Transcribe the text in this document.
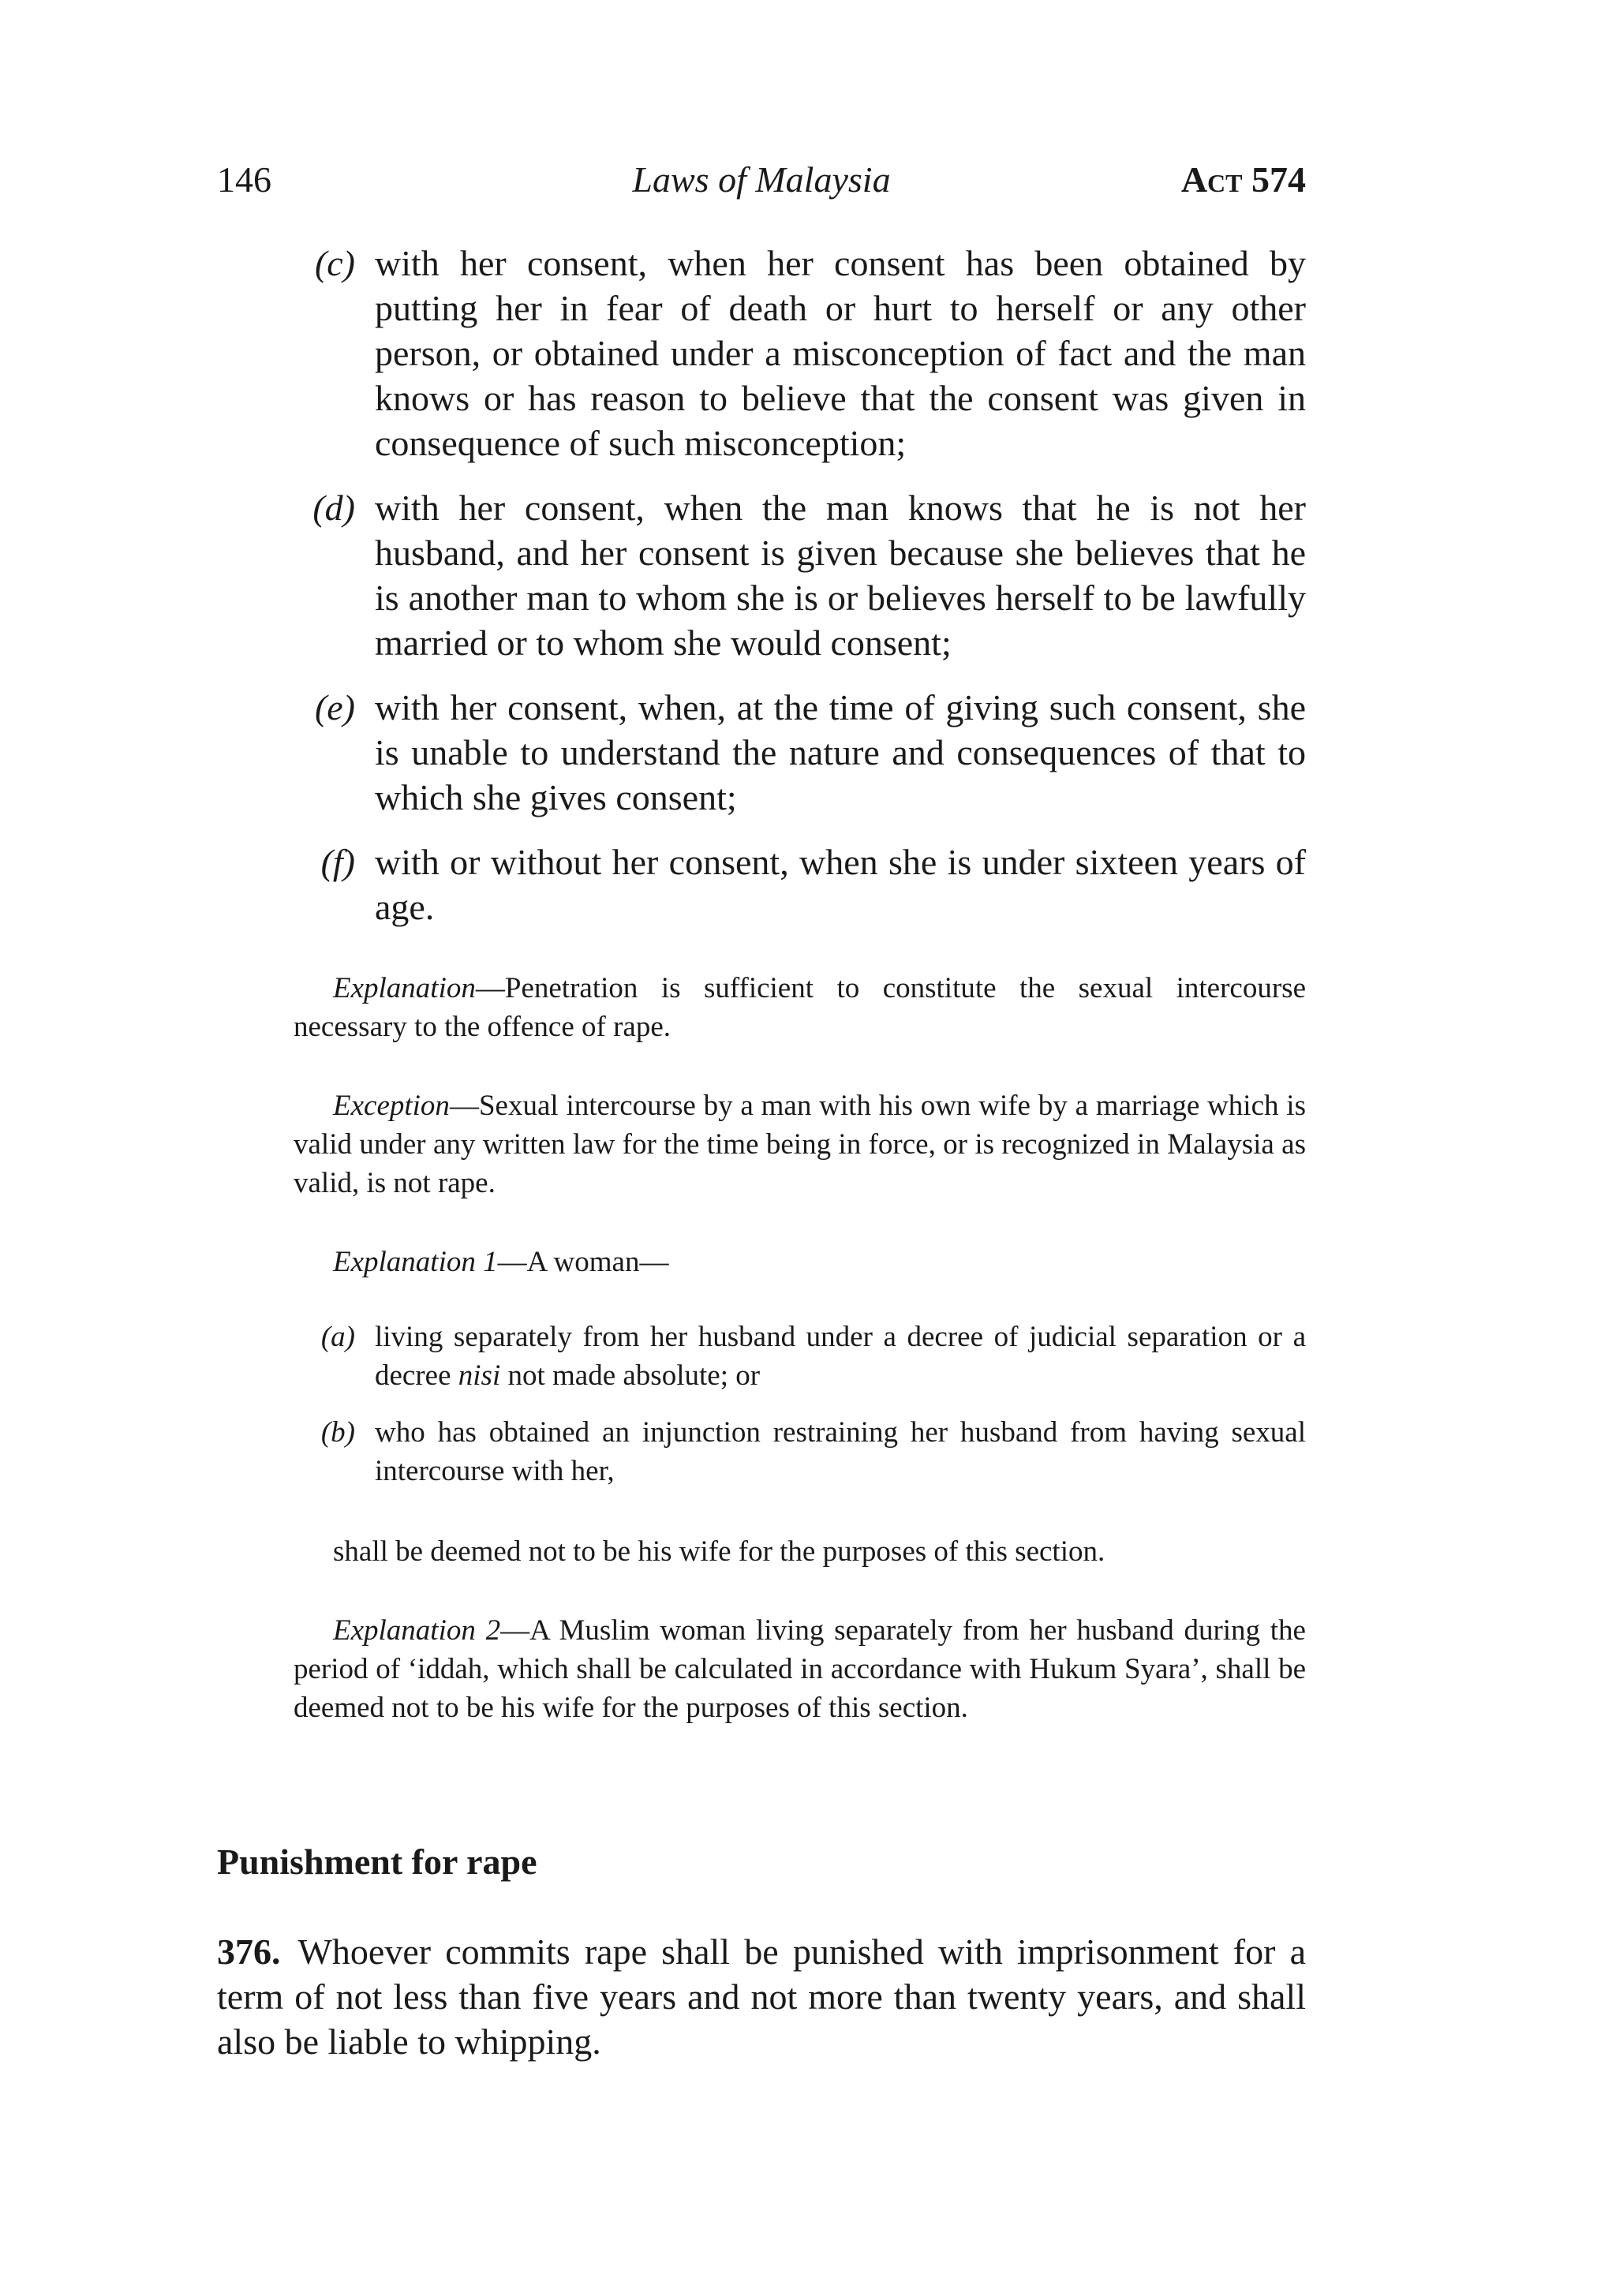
146	Laws of Malaysia	Act 574
(c) with her consent, when her consent has been obtained by putting her in fear of death or hurt to herself or any other person, or obtained under a misconception of fact and the man knows or has reason to believe that the consent was given in consequence of such misconception;
(d) with her consent, when the man knows that he is not her husband, and her consent is given because she believes that he is another man to whom she is or believes herself to be lawfully married or to whom she would consent;
(e) with her consent, when, at the time of giving such consent, she is unable to understand the nature and consequences of that to which she gives consent;
(f) with or without her consent, when she is under sixteen years of age.
Explanation—Penetration is sufficient to constitute the sexual intercourse necessary to the offence of rape.
Exception—Sexual intercourse by a man with his own wife by a marriage which is valid under any written law for the time being in force, or is recognized in Malaysia as valid, is not rape.
Explanation 1—A woman—
(a) living separately from her husband under a decree of judicial separation or a decree nisi not made absolute; or
(b) who has obtained an injunction restraining her husband from having sexual intercourse with her,
shall be deemed not to be his wife for the purposes of this section.
Explanation 2—A Muslim woman living separately from her husband during the period of ‘iddah, which shall be calculated in accordance with Hukum Syara’, shall be deemed not to be his wife for the purposes of this section.
Punishment for rape
376. Whoever commits rape shall be punished with imprisonment for a term of not less than five years and not more than twenty years, and shall also be liable to whipping.
